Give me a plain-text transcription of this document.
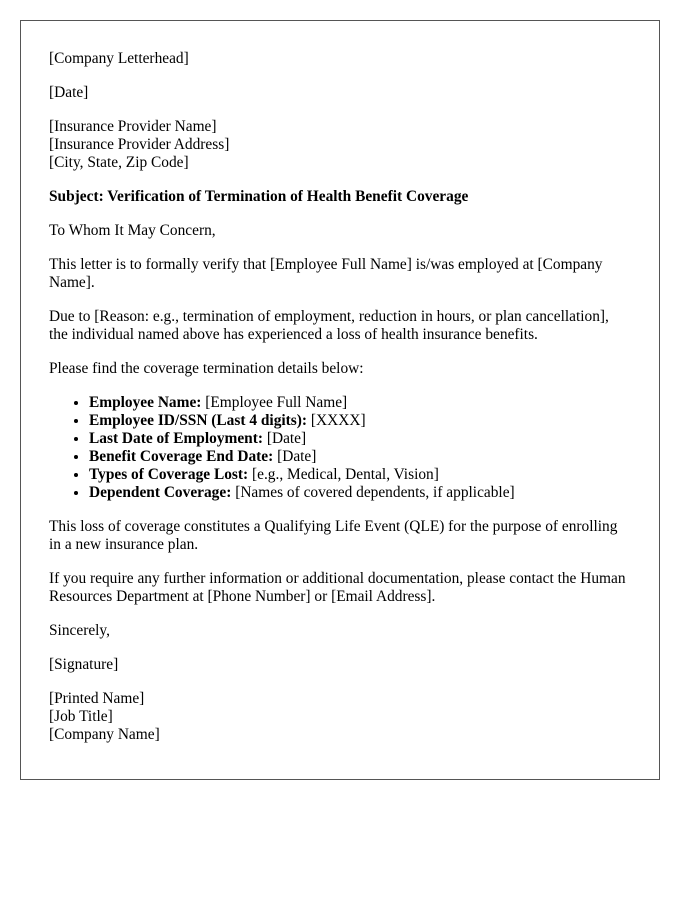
[Company Letterhead]

[Date]

[Insurance Provider Name]
[Insurance Provider Address]
[City, State, Zip Code]

Subject: Verification of Termination of Health Benefit Coverage

To Whom It May Concern,

This letter is to formally verify that [Employee Full Name] is/was employed at [Company Name].

Due to [Reason: e.g., termination of employment, reduction in hours, or plan cancellation], the individual named above has experienced a loss of health insurance benefits.

Please find the coverage termination details below:

• Employee Name: [Employee Full Name]
• Employee ID/SSN (Last 4 digits): [XXXX]
• Last Date of Employment: [Date]
• Benefit Coverage End Date: [Date]
• Types of Coverage Lost: [e.g., Medical, Dental, Vision]
• Dependent Coverage: [Names of covered dependents, if applicable]

This loss of coverage constitutes a Qualifying Life Event (QLE) for the purpose of enrolling in a new insurance plan.

If you require any further information or additional documentation, please contact the Human Resources Department at [Phone Number] or [Email Address].

Sincerely,

[Signature]

[Printed Name]
[Job Title]
[Company Name]
